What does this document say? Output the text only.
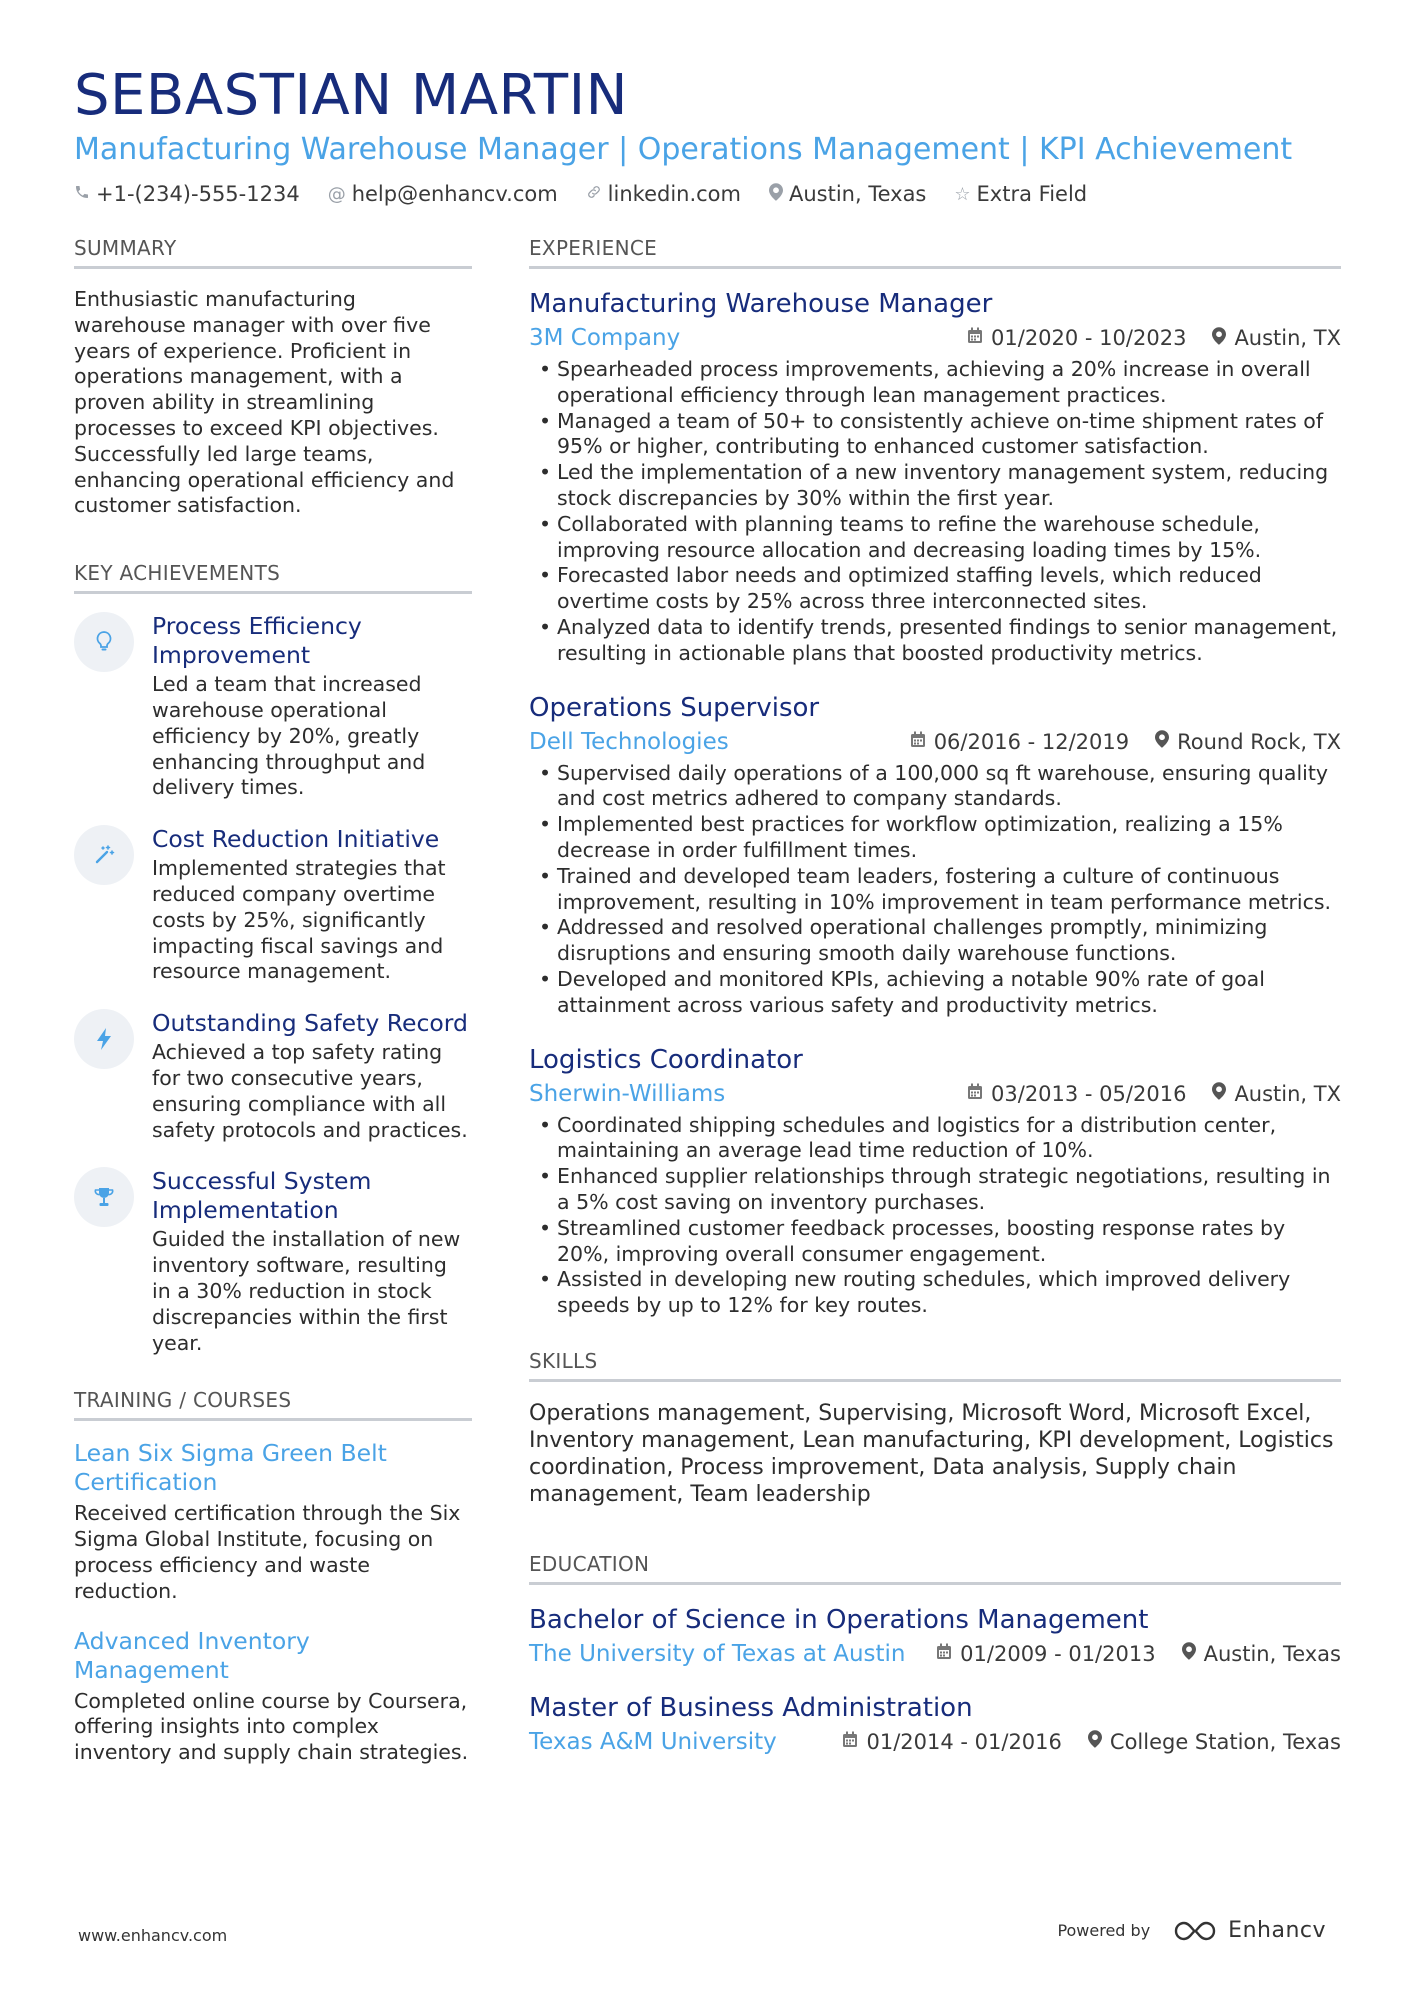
SEBASTIAN MARTIN
Manufacturing Warehouse Manager | Operations Management | KPI Achievement
+1-(234)-555-1234 @ help@enhancv.com linkedin.com Austin, Texas ☆ Extra Field
SUMMARY
Enthusiastic manufacturing warehouse manager with over five years of experience. Proficient in operations management, with a proven ability in streamlining processes to exceed KPI objectives. Successfully led large teams, enhancing operational efficiency and customer satisfaction.
KEY ACHIEVEMENTS
Process Efficiency Improvement
Led a team that increased warehouse operational efficiency by 20%, greatly enhancing throughput and delivery times.
Cost Reduction Initiative
Implemented strategies that reduced company overtime costs by 25%, significantly impacting fiscal savings and resource management.
Outstanding Safety Record
Achieved a top safety rating for two consecutive years, ensuring compliance with all safety protocols and practices.
Successful System Implementation
Guided the installation of new inventory software, resulting in a 30% reduction in stock discrepancies within the first year.
TRAINING / COURSES
Lean Six Sigma Green Belt Certification
Received certification through the Six Sigma Global Institute, focusing on process efficiency and waste reduction.
Advanced Inventory Management
Completed online course by Coursera, offering insights into complex inventory and supply chain strategies.
EXPERIENCE
Manufacturing Warehouse Manager
3M Company	01/2020 - 10/2023 Austin, TX
• Spearheaded process improvements, achieving a 20% increase in overall operational efficiency through lean management practices.
• Managed a team of 50+ to consistently achieve on-time shipment rates of 95% or higher, contributing to enhanced customer satisfaction.
• Led the implementation of a new inventory management system, reducing stock discrepancies by 30% within the first year.
• Collaborated with planning teams to refine the warehouse schedule, improving resource allocation and decreasing loading times by 15%.
• Forecasted labor needs and optimized staffing levels, which reduced overtime costs by 25% across three interconnected sites.
• Analyzed data to identify trends, presented findings to senior management, resulting in actionable plans that boosted productivity metrics.
Operations Supervisor
Dell Technologies	06/2016 - 12/2019 Round Rock, TX
• Supervised daily operations of a 100,000 sq ft warehouse, ensuring quality and cost metrics adhered to company standards.
• Implemented best practices for workflow optimization, realizing a 15% decrease in order fulfillment times.
• Trained and developed team leaders, fostering a culture of continuous improvement, resulting in 10% improvement in team performance metrics.
• Addressed and resolved operational challenges promptly, minimizing disruptions and ensuring smooth daily warehouse functions.
• Developed and monitored KPIs, achieving a notable 90% rate of goal attainment across various safety and productivity metrics.
Logistics Coordinator
Sherwin-Williams	03/2013 - 05/2016 Austin, TX
• Coordinated shipping schedules and logistics for a distribution center, maintaining an average lead time reduction of 10%.
• Enhanced supplier relationships through strategic negotiations, resulting in a 5% cost saving on inventory purchases.
• Streamlined customer feedback processes, boosting response rates by 20%, improving overall consumer engagement.
• Assisted in developing new routing schedules, which improved delivery speeds by up to 12% for key routes.
SKILLS
Operations management, Supervising, Microsoft Word, Microsoft Excel, Inventory management, Lean manufacturing, KPI development, Logistics coordination, Process improvement, Data analysis, Supply chain management, Team leadership
EDUCATION
Bachelor of Science in Operations Management
The University of Texas at Austin	01/2009 - 01/2013 Austin, Texas
Master of Business Administration
Texas A&M University	01/2014 - 01/2016 College Station, Texas
www.enhancv.com	Powered by	Enhancv
